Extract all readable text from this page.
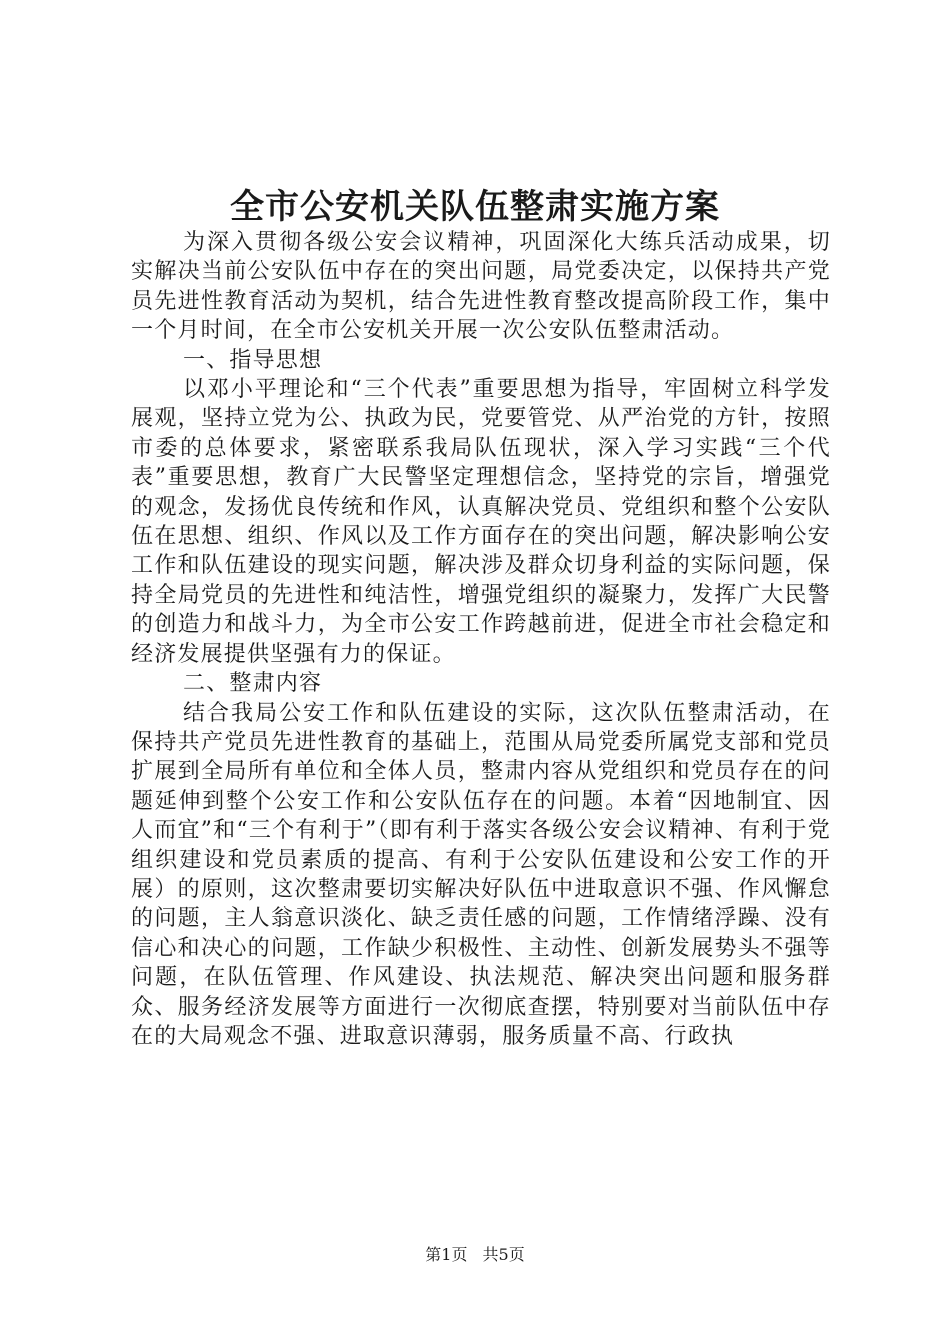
全市公安机关队伍整肃实施方案

为深入贯彻各级公安会议精神，巩固深化大练兵活动成果，切实解决当前公安队伍中存在的突出问题，局党委决定，以保持共产党员先进性教育活动为契机，结合先进性教育整改提高阶段工作，集中一个月时间，在全市公安机关开展一次公安队伍整肃活动。

一、指导思想

以邓小平理论和“三个代表”重要思想为指导，牢固树立科学发展观，坚持立党为公、执政为民，党要管党、从严治党的方针，按照市委的总体要求，紧密联系我局队伍现状，深入学习实践“三个代表”重要思想，教育广大民警坚定理想信念，坚持党的宗旨，增强党的观念，发扬优良传统和作风，认真解决党员、党组织和整个公安队伍在思想、组织、作风以及工作方面存在的突出问题，解决影响公安工作和队伍建设的现实问题，解决涉及群众切身利益的实际问题，保持全局党员的先进性和纯洁性，增强党组织的凝聚力，发挥广大民警的创造力和战斗力，为全市公安工作跨越前进，促进全市社会稳定和经济发展提供坚强有力的保证。

二、整肃内容

结合我局公安工作和队伍建设的实际，这次队伍整肃活动，在保持共产党员先进性教育的基础上，范围从局党委所属党支部和党员扩展到全局所有单位和全体人员，整肃内容从党组织和党员存在的问题延伸到整个公安工作和公安队伍存在的问题。本着“因地制宜、因人而宜”和“三个有利于”（即有利于落实各级公安会议精神、有利于党组织建设和党员素质的提高、有利于公安队伍建设和公安工作的开展）的原则，这次整肃要切实解决好队伍中进取意识不强、作风懈怠的问题，主人翁意识淡化、缺乏责任感的问题，工作情绪浮躁、没有信心和决心的问题，工作缺少积极性、主动性、创新发展势头不强等问题，在队伍管理、作风建设、执法规范、解决突出问题和服务群众、服务经济发展等方面进行一次彻底查摆，特别要对当前队伍中存在的大局观念不强、进取意识薄弱，服务质量不高、行政执

第1页 共5页
